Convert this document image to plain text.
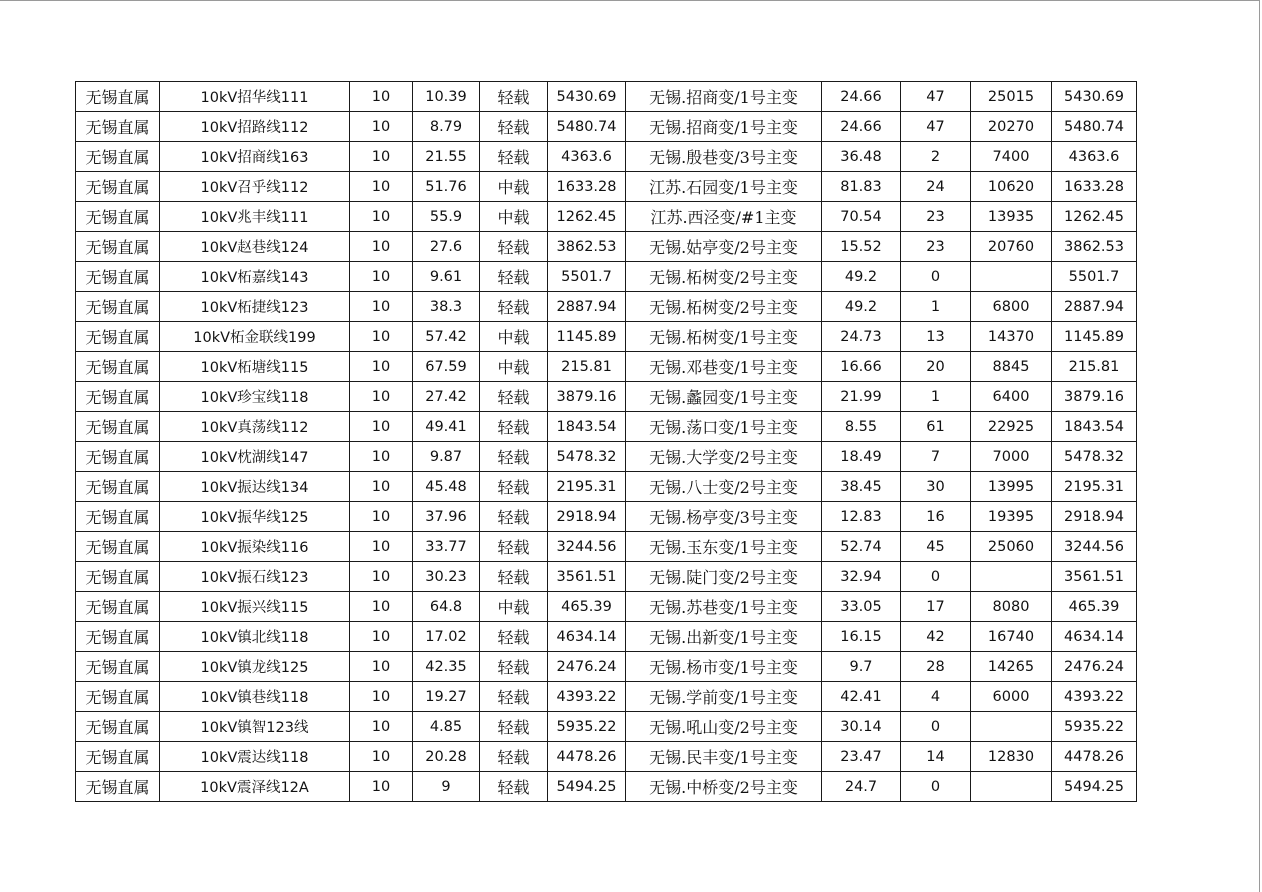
无锡直属	10kV招华线111	10	10.39	轻载	5430.69	无锡.招商变/1号主变	24.66	47	25015	5430.69
无锡直属	10kV招路线112	10	8.79	轻载	5480.74	无锡.招商变/1号主变	24.66	47	20270	5480.74
无锡直属	10kV招商线163	10	21.55	轻载	4363.6	无锡.殷巷变/3号主变	36.48	2	7400	4363.6
无锡直属	10kV召乎线112	10	51.76	中载	1633.28	江苏.石园变/1号主变	81.83	24	10620	1633.28
无锡直属	10kV兆丰线111	10	55.9	中载	1262.45	江苏.西泾变/#1主变	70.54	23	13935	1262.45
无锡直属	10kV赵巷线124	10	27.6	轻载	3862.53	无锡.姑亭变/2号主变	15.52	23	20760	3862.53
无锡直属	10kV柘嘉线143	10	9.61	轻载	5501.7	无锡.柘树变/2号主变	49.2	0		5501.7
无锡直属	10kV柘捷线123	10	38.3	轻载	2887.94	无锡.柘树变/2号主变	49.2	1	6800	2887.94
无锡直属	10kV柘金联线199	10	57.42	中载	1145.89	无锡.柘树变/1号主变	24.73	13	14370	1145.89
无锡直属	10kV柘塘线115	10	67.59	中载	215.81	无锡.邓巷变/1号主变	16.66	20	8845	215.81
无锡直属	10kV珍宝线118	10	27.42	轻载	3879.16	无锡.蠡园变/1号主变	21.99	1	6400	3879.16
无锡直属	10kV真荡线112	10	49.41	轻载	1843.54	无锡.荡口变/1号主变	8.55	61	22925	1843.54
无锡直属	10kV枕湖线147	10	9.87	轻载	5478.32	无锡.大学变/2号主变	18.49	7	7000	5478.32
无锡直属	10kV振达线134	10	45.48	轻载	2195.31	无锡.八士变/2号主变	38.45	30	13995	2195.31
无锡直属	10kV振华线125	10	37.96	轻载	2918.94	无锡.杨亭变/3号主变	12.83	16	19395	2918.94
无锡直属	10kV振染线116	10	33.77	轻载	3244.56	无锡.玉东变/1号主变	52.74	45	25060	3244.56
无锡直属	10kV振石线123	10	30.23	轻载	3561.51	无锡.陡门变/2号主变	32.94	0		3561.51
无锡直属	10kV振兴线115	10	64.8	中载	465.39	无锡.苏巷变/1号主变	33.05	17	8080	465.39
无锡直属	10kV镇北线118	10	17.02	轻载	4634.14	无锡.出新变/1号主变	16.15	42	16740	4634.14
无锡直属	10kV镇龙线125	10	42.35	轻载	2476.24	无锡.杨市变/1号主变	9.7	28	14265	2476.24
无锡直属	10kV镇巷线118	10	19.27	轻载	4393.22	无锡.学前变/1号主变	42.41	4	6000	4393.22
无锡直属	10kV镇智123线	10	4.85	轻载	5935.22	无锡.吼山变/2号主变	30.14	0		5935.22
无锡直属	10kV震达线118	10	20.28	轻载	4478.26	无锡.民丰变/1号主变	23.47	14	12830	4478.26
无锡直属	10kV震泽线12A	10	9	轻载	5494.25	无锡.中桥变/2号主变	24.7	0		5494.25
